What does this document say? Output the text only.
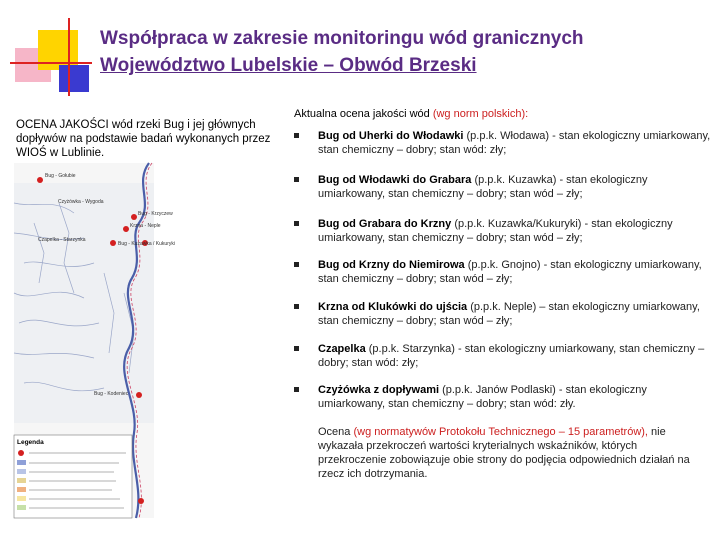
Współpraca w zakresie monitoringu wód granicznych
Województwo Lubelskie – Obwód Brzeski
OCENA JAKOŚCI wód rzeki Bug i jej głównych dopływów na podstawie badań wykonanych przez WIOŚ w Lublinie.
Bug - Gołubie
Czyżówka - Wygoda
Bug - Krzyczew
Krzna - Neple
Czapelka - Starzynka
Bug - Kuzawka / Kukuryki
Bug - Kodeniec
Legenda
Aktualna ocena jakości wód (wg norm polskich):
Bug od Uherki do Włodawki (p.p.k. Włodawa) - stan ekologiczny umiarkowany, stan chemiczny – dobry; stan wód: zły;
Bug od Włodawki do Grabara (p.p.k. Kuzawka) - stan ekologiczny umiarkowany, stan chemiczny – dobry; stan wód – zły;
Bug od Grabara do Krzny (p.p.k. Kuzawka/Kukuryki) - stan ekologiczny umiarkowany, stan chemiczny – dobry; stan wód – zły;
Bug od Krzny do Niemirowa (p.p.k. Gnojno) - stan ekologiczny umiarkowany, stan chemiczny – dobry; stan wód – zły;
Krzna od Klukówki do ujścia (p.p.k. Neple) – stan ekologiczny umiarkowany, stan chemiczny – dobry; stan wód – zły;
Czapelka (p.p.k. Starzynka) - stan ekologiczny umiarkowany, stan chemiczny – dobry; stan wód: zły;
Czyżówka z dopływami (p.p.k. Janów Podlaski) - stan ekologiczny umiarkowany, stan chemiczny – dobry; stan wód: zły.
Ocena (wg normatywów Protokołu Technicznego – 15 parametrów), nie wykazała przekroczeń wartości kryterialnych wskaźników, których przekroczenie zobowiązuje obie strony do podjęcia odpowiednich działań na rzecz ich dotrzymania.
